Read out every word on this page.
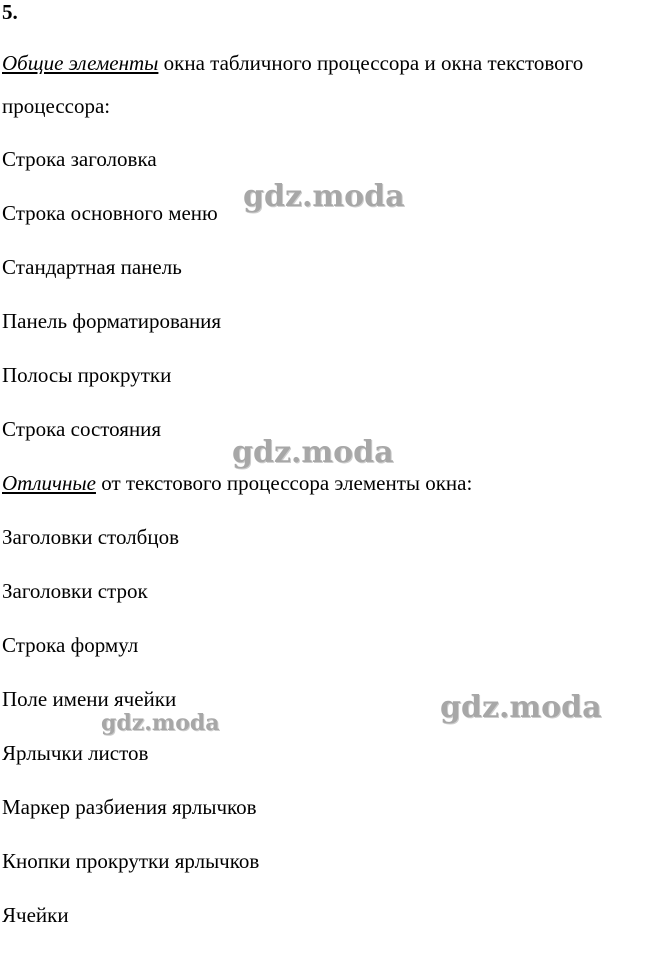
5.
Общие элементы окна табличного процессора и окна текстового
процессора:
Строка заголовка
Строка основного меню
Стандартная панель
Панель форматирования
Полосы прокрутки
Строка состояния
Отличные от текстового процессора элементы окна:
Заголовки столбцов
Заголовки строк
Строка формул
Поле имени ячейки
Ярлычки листов
Маркер разбиения ярлычков
Кнопки прокрутки ярлычков
Ячейки
gdz.moda
gdz.moda
gdz.moda
gdz.moda
